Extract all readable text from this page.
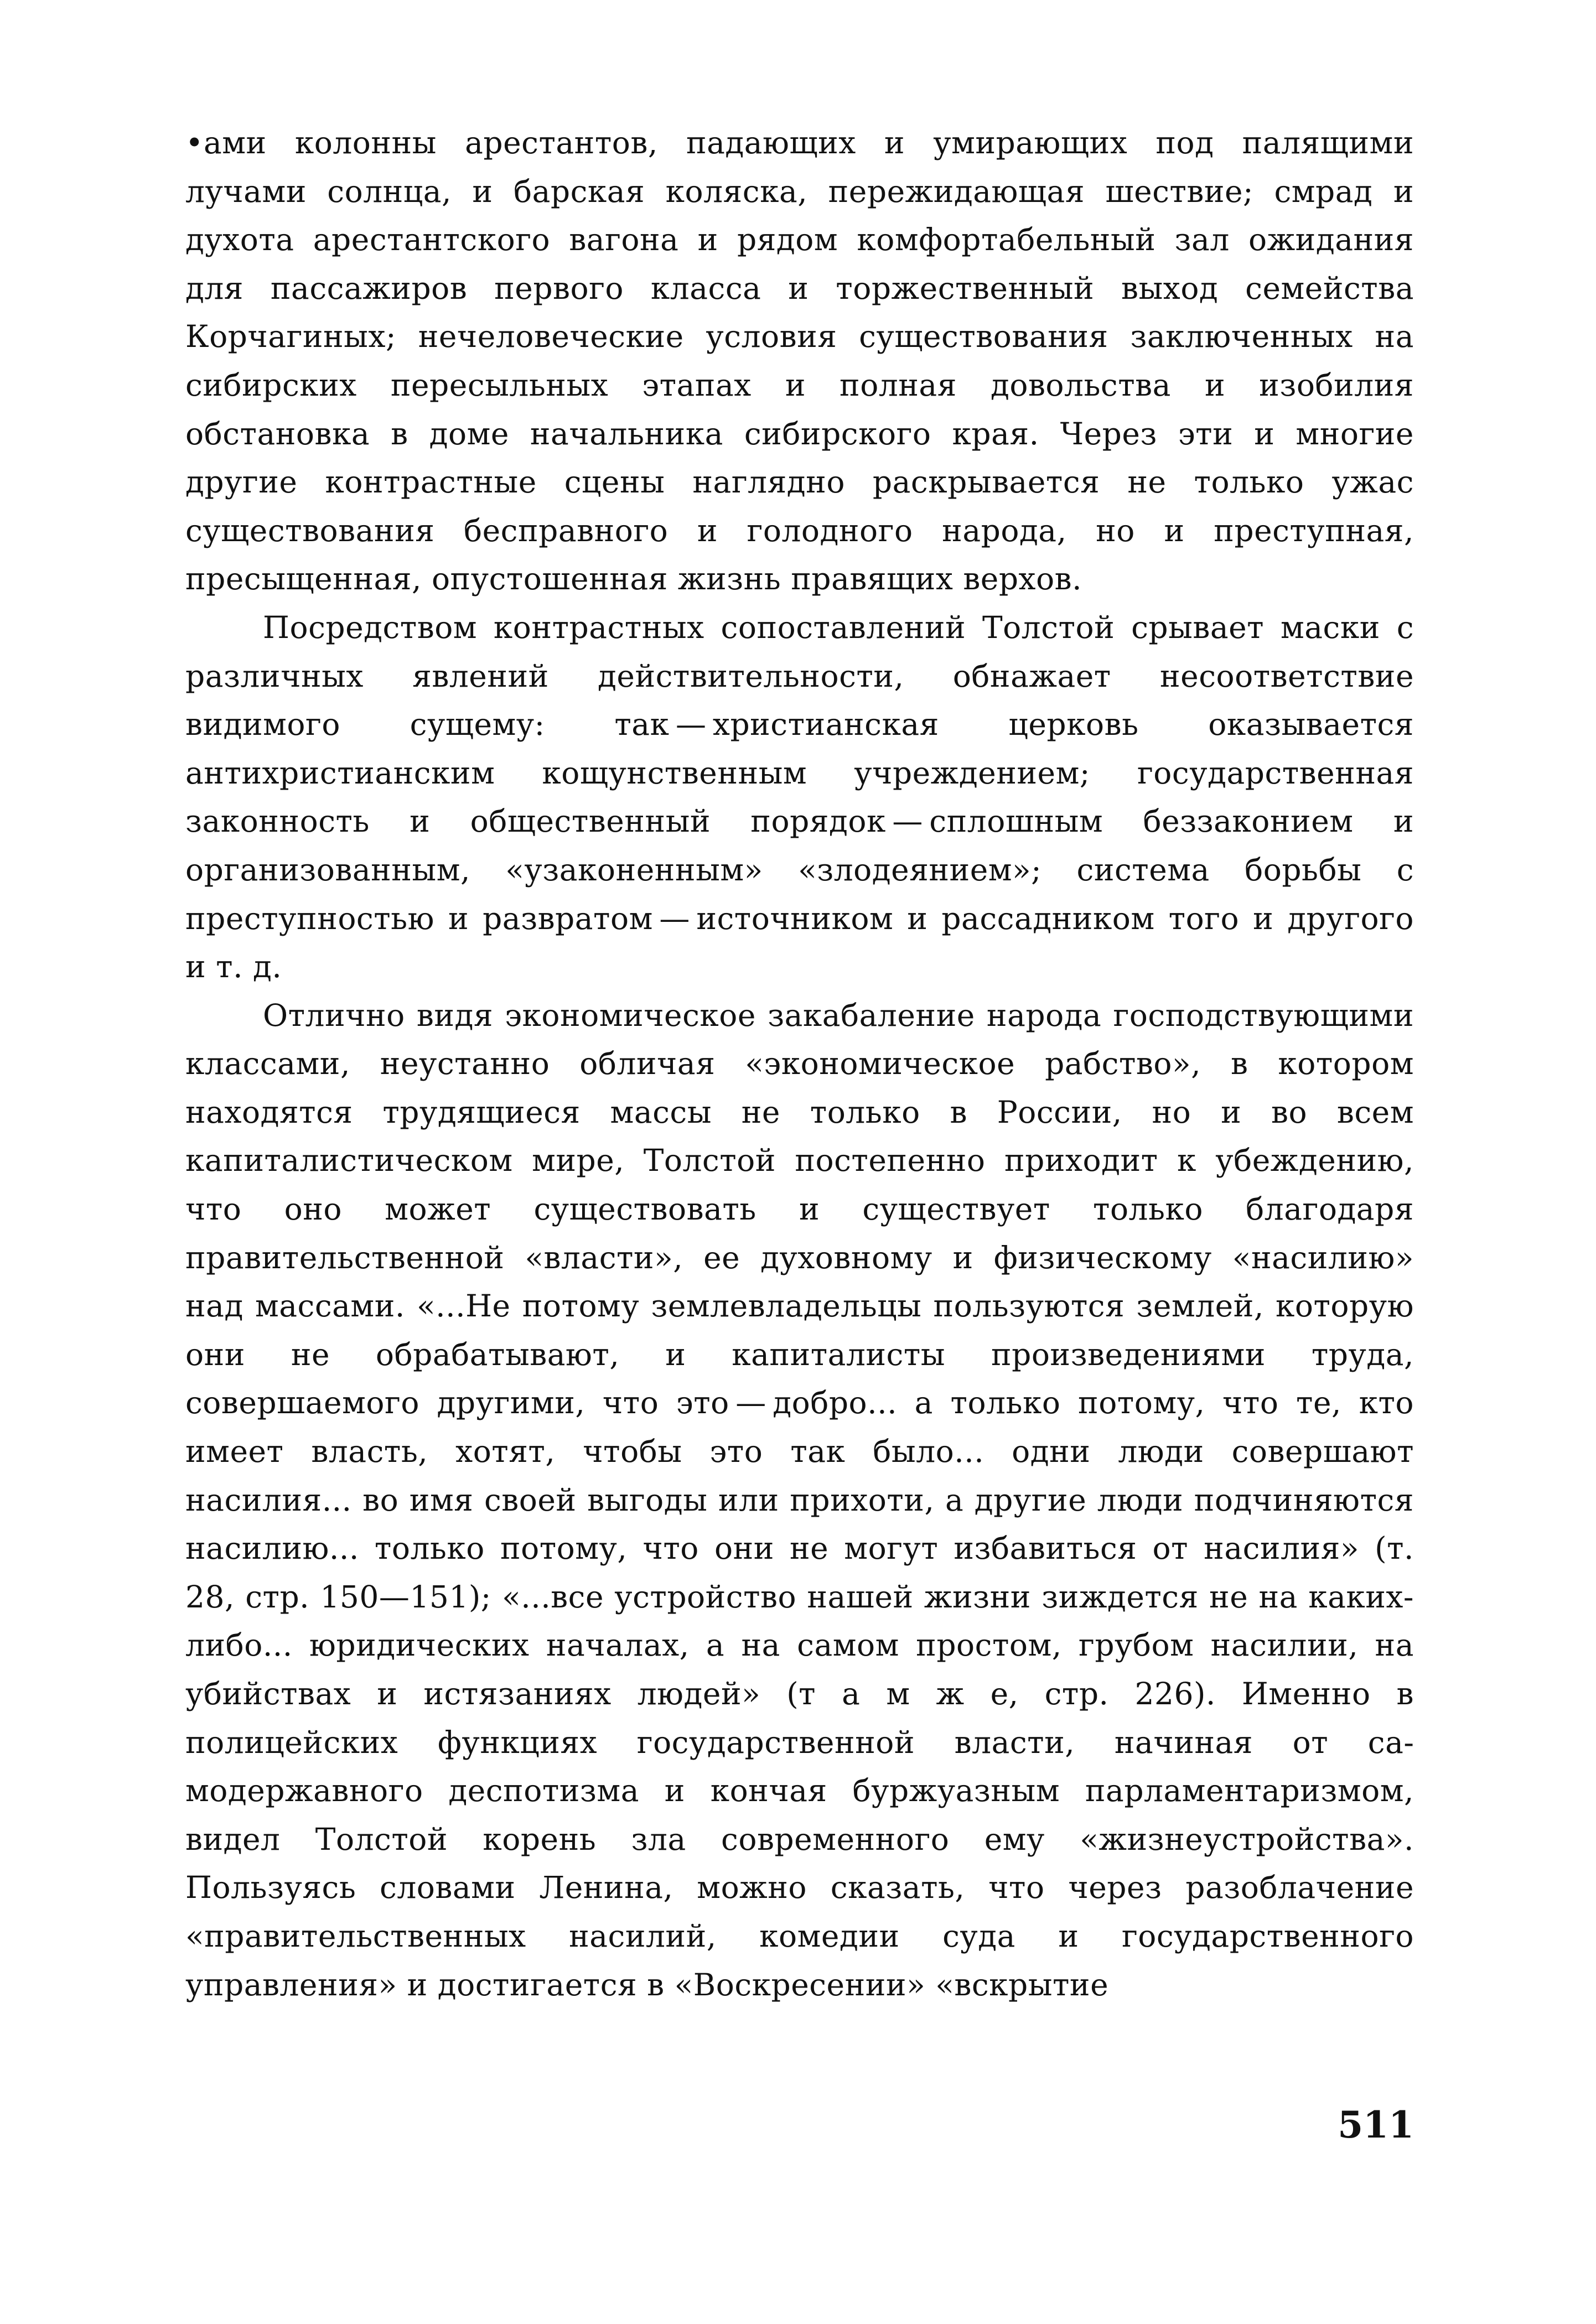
•ами колонны арестантов, падающих и умирающих под палящими лучами солнца, и барская коляска, пережидающая шествие; смрад и духота арестантского вагона и рядом комфортабельный зал ожидания для пассажиров первого класса и торжественный выход семейства Корчагиных; нечеловеческие условия существования заключенных на сибирских пересыльных этапах и полная довольства и изобилия обстановка в доме начальника сибирского края. Через эти и многие другие контрастные сцены наглядно раскрывается не только ужас существования бесправного и голодного народа, но и преступная, пресыщенная, опустошенная жизнь правящих верхов.

Посредством контрастных сопоставлений Толстой срывает маски с различных явлений действительности, обнажает несоответствие видимого сущему: так — христианская церковь оказывается антихристианским кощунственным учреждением; государственная законность и общественный порядок — сплошным беззаконием и организованным, «узаконенным» «злодеянием»; система борьбы с преступностью и развратом — источником и рассадником того и другого и т. д.

Отлично видя экономическое закабаление народа господствующими классами, неустанно обличая «экономическое рабство», в котором находятся трудящиеся массы не только в России, но и во всем капиталистическом мире, Толстой постепенно приходит к убеждению, что оно может существовать и существует только благодаря правительственной «власти», ее духовному и физическому «насилию» над массами. «...Не потому землевладельцы пользуются землей, которую они не обрабатывают, и капиталисты произведениями труда, совершаемого другими, что это — добро... а только потому, что те, кто имеет власть, хотят, чтобы это так было... одни люди совершают насилия... во имя своей выгоды или прихоти, а другие люди подчиняются насилию... только потому, что они не могут избавиться от насилия» (т. 28, стр. 150—151); «...все устройство нашей жизни зиждется не на каких-либо... юридических началах, а на самом простом, грубом насилии, на убийствах и истязаниях людей» (т а м ж е, стр. 226). Именно в полицейских функциях государственной власти, начиная от самодержавного деспотизма и кончая буржуазным парламентаризмом, видел Толстой корень зла современного ему «жизнеустройства». Пользуясь словами Ленина, можно сказать, что через разоблачение «правительственных насилий, комедии суда и государственного управления» и достигается в «Воскресении» «вскрытие

511
